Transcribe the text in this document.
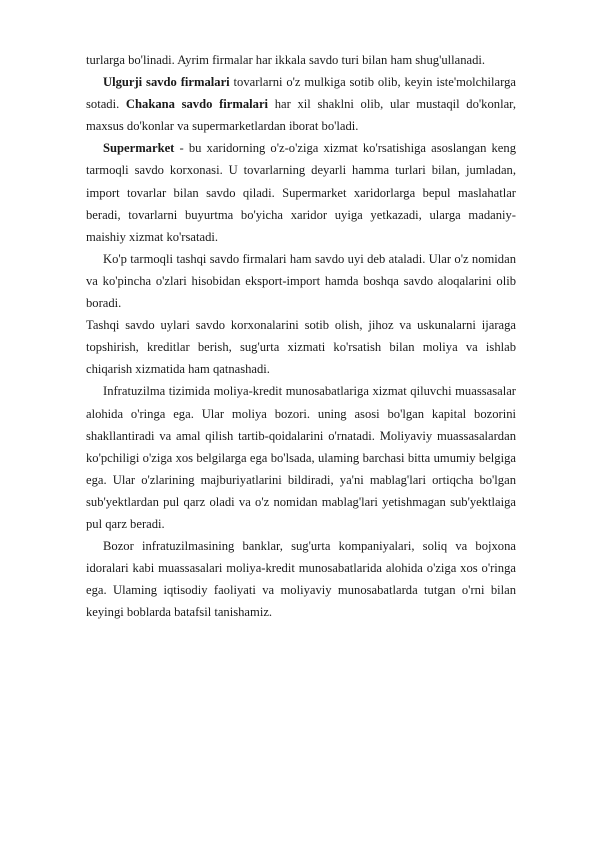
turlarga bo'linadi. Ayrim firmalar har ikkala savdo turi bilan ham shug'ullanadi.

Ulgurji savdo firmalari tovarlarni o'z mulkiga sotib olib, keyin iste'molchilarga sotadi. Chakana savdo firmalari har xil shaklni olib, ular mustaqil do'konlar, maxsus do'konlar va supermarketlardan iborat bo'ladi.

Supermarket - bu xaridorning o'z-o'ziga xizmat ko'rsatishiga asoslangan keng tarmoqli savdo korxonasi. U tovarlarning deyarli hamma turlari bilan, jumladan, import tovarlar bilan savdo qiladi. Supermarket xaridorlarga bepul maslahatlar beradi, tovarlarni buyurtma bo'yicha xaridor uyiga yetkazadi, ularga madaniy-maishiy xizmat ko'rsatadi.

Ko'p tarmoqli tashqi savdo firmalari ham savdo uyi deb ataladi. Ular o'z nomidan va ko'pincha o'zlari hisobidan eksport-import hamda boshqa savdo aloqalarini olib boradi.

Tashqi savdo uylari savdo korxonalarini sotib olish, jihoz va uskunalarni ijaraga topshirish, kreditlar berish, sug'urta xizmati ko'rsatish bilan moliya va ishlab chiqarish xizmatida ham qatnashadi.

Infratuzilma tizimida moliya-kredit munosabatlariga xizmat qiluvchi muassasalar alohida o'ringa ega. Ular moliya bozori. uning asosi bo'lgan kapital bozorini shakllantiradi va amal qilish tartib-qoidalarini o'rnatadi. Moliyaviy muassasalardan ko'pchiligi o'ziga xos belgilarga ega bo'lsada, ulaming barchasi bitta umumiy belgiga ega. Ular o'zlarining majburiyatlarini bildiradi, ya'ni mablag'lari ortiqcha bo'lgan sub'yektlardan pul qarz oladi va o'z nomidan mablag'lari yetishmagan sub'yektlaiga pul qarz beradi.

Bozor infratuzilmasining banklar, sug'urta kompaniyalari, soliq va bojxona idoralari kabi muassasalari moliya-kredit munosabatlarida alohida o'ziga xos o'ringa ega. Ulaming iqtisodiy faoliyati va moliyaviy munosabatlarda tutgan o'rni bilan keyingi boblarda batafsil tanishamiz.
